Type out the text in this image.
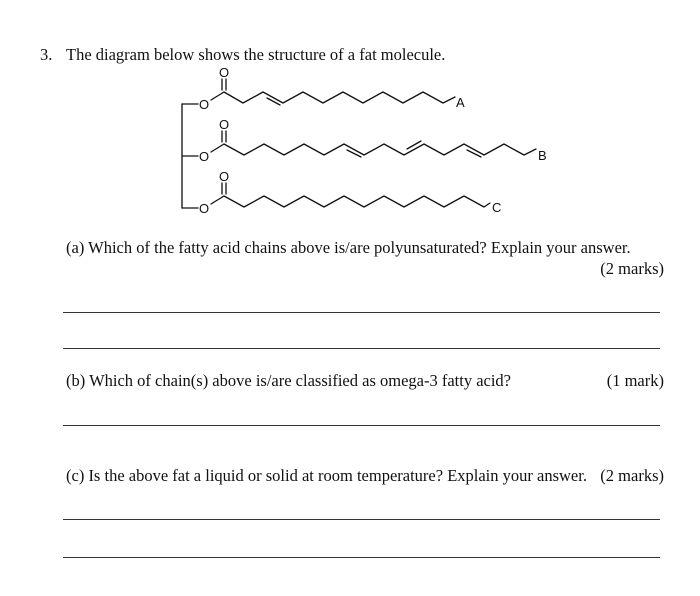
3. The diagram below shows the structure of a fat molecule.
O
O
O
O
O
O
A
B
C
(a) Which of the fatty acid chains above is/are polyunsaturated? Explain your answer.
(2 marks)
(b) Which of chain(s) above is/are classified as omega-3 fatty acid?	(1 mark)
(c) Is the above fat a liquid or solid at room temperature? Explain your answer. (2 marks)
